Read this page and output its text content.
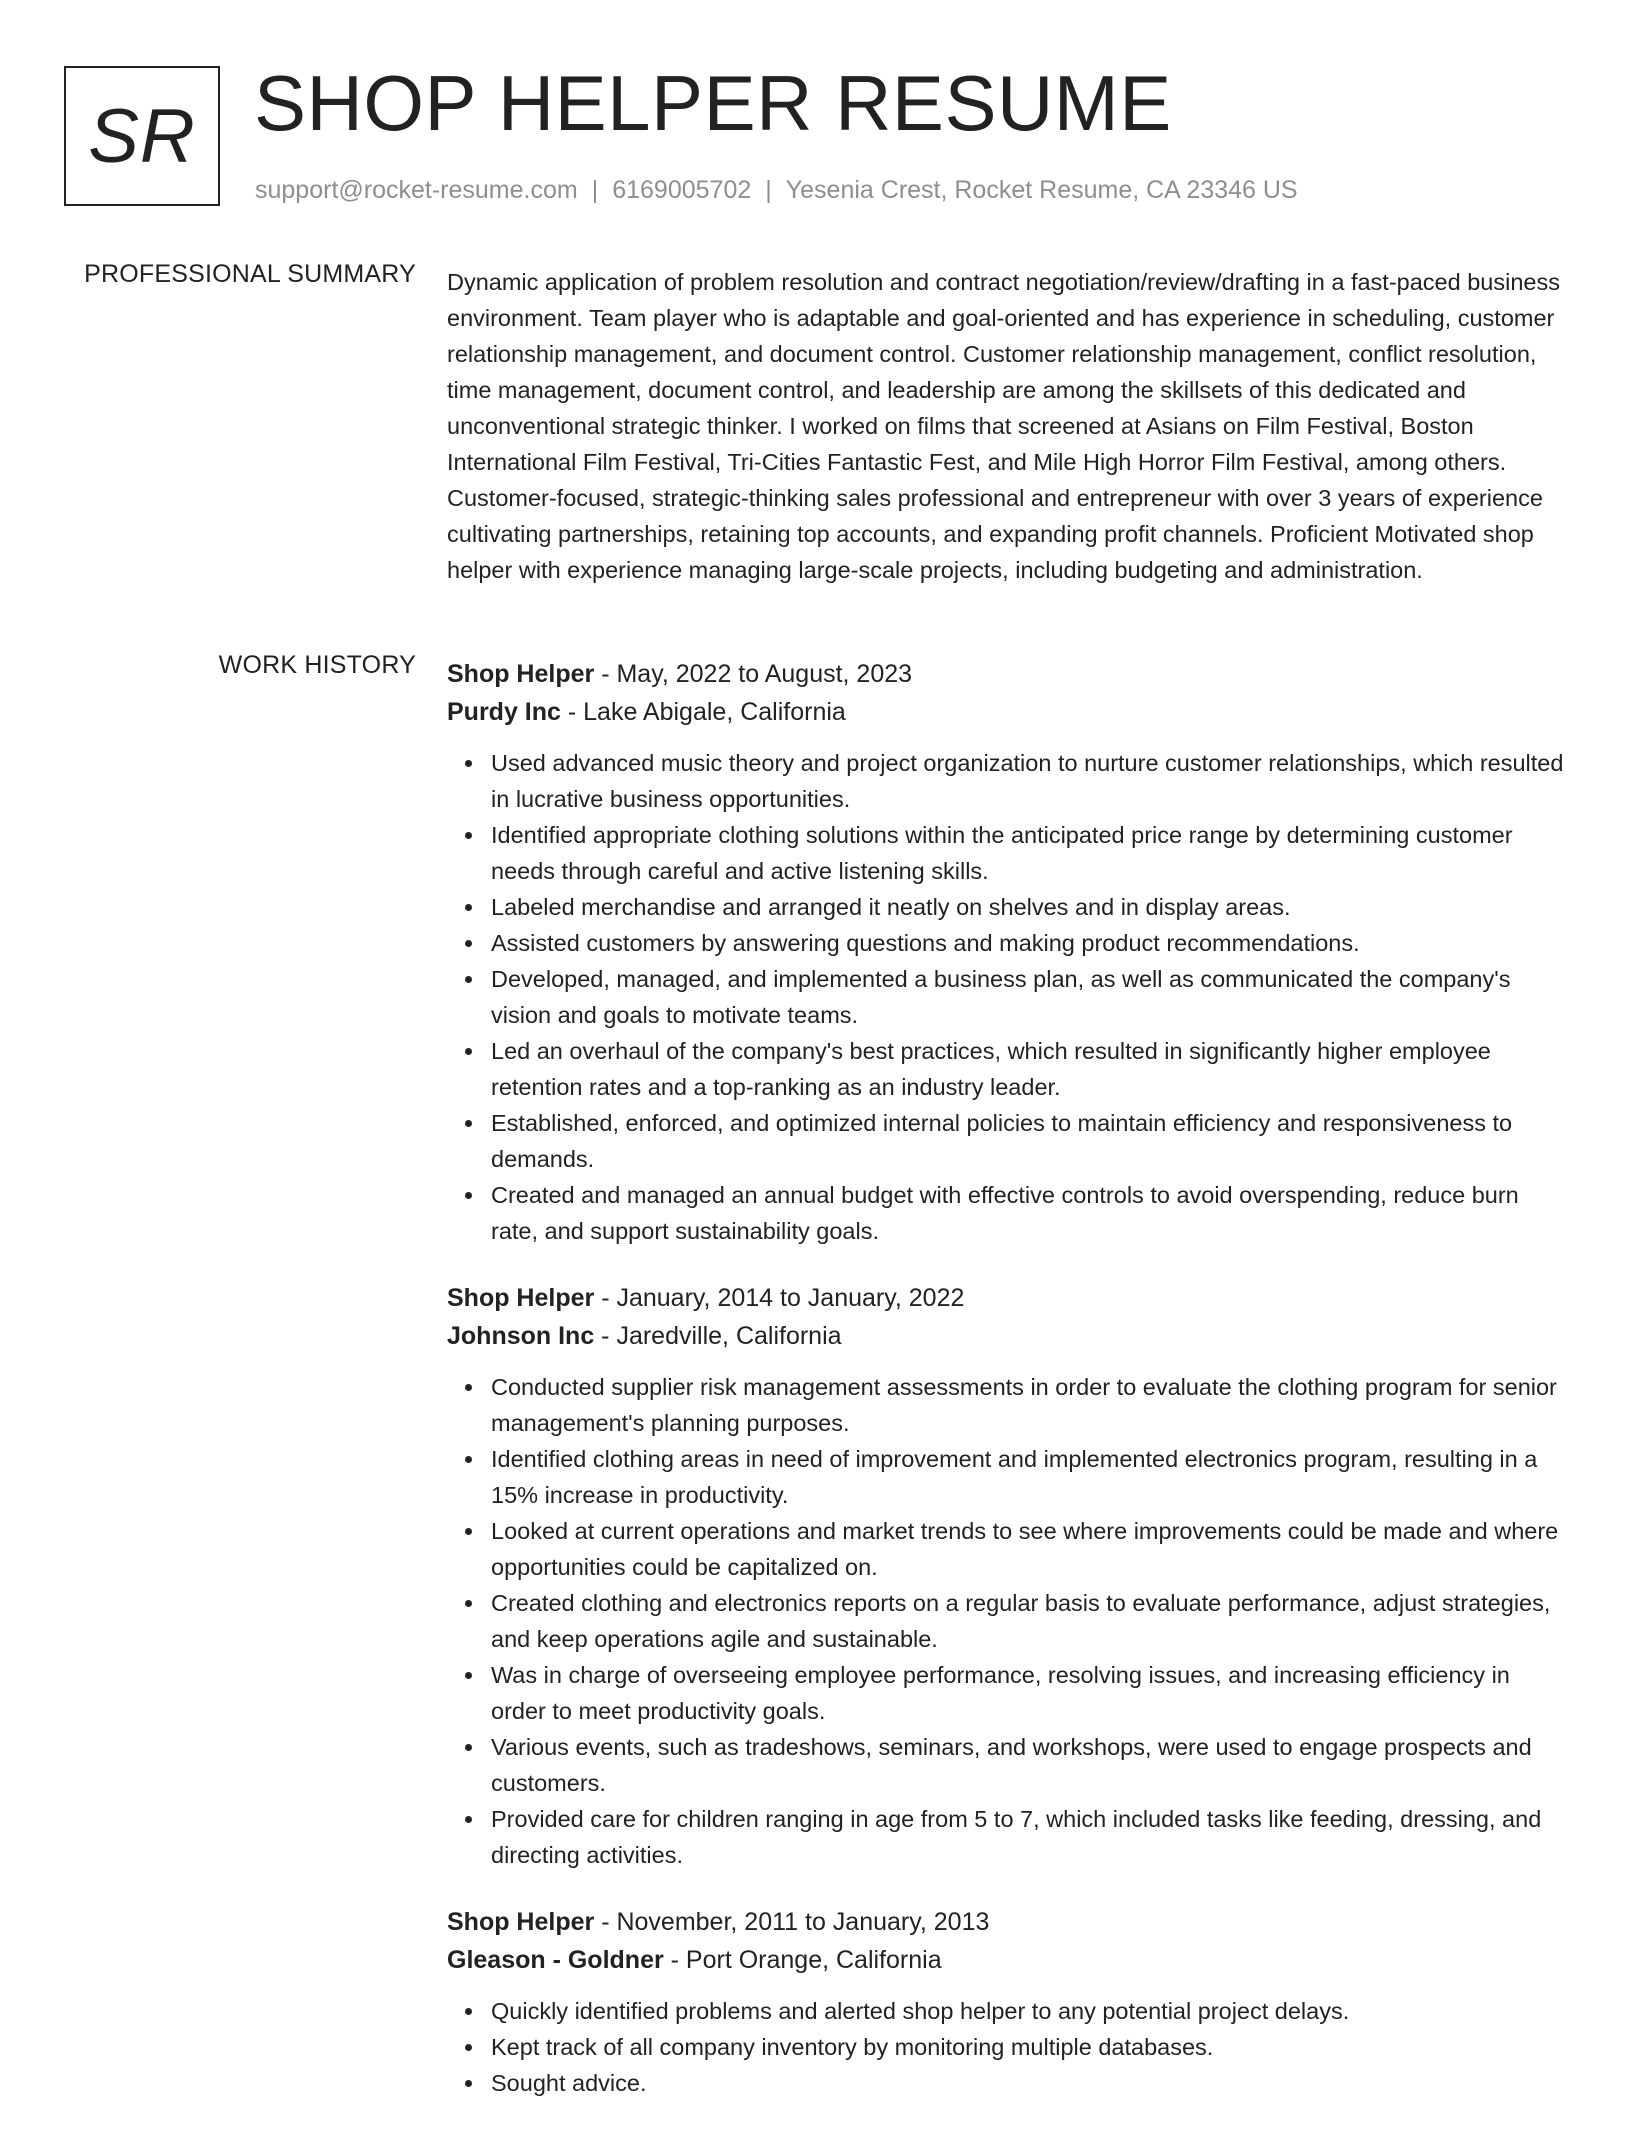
SR SHOP HELPER RESUME
support@rocket-resume.com | 6169005702 | Yesenia Crest, Rocket Resume, CA 23346 US
PROFESSIONAL SUMMARY Dynamic application of problem resolution and contract negotiation/review/drafting in a fast-paced business environment. Team player who is adaptable and goal-oriented and has experience in scheduling, customer relationship management, and document control. Customer relationship management, conflict resolution, time management, document control, and leadership are among the skillsets of this dedicated and unconventional strategic thinker. I worked on films that screened at Asians on Film Festival, Boston International Film Festival, Tri-Cities Fantastic Fest, and Mile High Horror Film Festival, among others. Customer-focused, strategic-thinking sales professional and entrepreneur with over 3 years of experience cultivating partnerships, retaining top accounts, and expanding profit channels. Proficient Motivated shop helper with experience managing large-scale projects, including budgeting and administration.

WORK HISTORY Shop Helper - May, 2022 to August, 2023
Purdy Inc - Lake Abigale, California
Used advanced music theory and project organization to nurture customer relationships, which resulted in lucrative business opportunities.
Identified appropriate clothing solutions within the anticipated price range by determining customer needs through careful and active listening skills.
Labeled merchandise and arranged it neatly on shelves and in display areas.
Assisted customers by answering questions and making product recommendations.
Developed, managed, and implemented a business plan, as well as communicated the company's vision and goals to motivate teams.
Led an overhaul of the company's best practices, which resulted in significantly higher employee retention rates and a top-ranking as an industry leader.
Established, enforced, and optimized internal policies to maintain efficiency and responsiveness to demands.
Created and managed an annual budget with effective controls to avoid overspending, reduce burn rate, and support sustainability goals.
Shop Helper - January, 2014 to January, 2022
Johnson Inc - Jaredville, California
Conducted supplier risk management assessments in order to evaluate the clothing program for senior management's planning purposes.
Identified clothing areas in need of improvement and implemented electronics program, resulting in a 15% increase in productivity.
Looked at current operations and market trends to see where improvements could be made and where opportunities could be capitalized on.
Created clothing and electronics reports on a regular basis to evaluate performance, adjust strategies, and keep operations agile and sustainable.
Was in charge of overseeing employee performance, resolving issues, and increasing efficiency in order to meet productivity goals.
Various events, such as tradeshows, seminars, and workshops, were used to engage prospects and customers.
Provided care for children ranging in age from 5 to 7, which included tasks like feeding, dressing, and directing activities.
Shop Helper - November, 2011 to January, 2013
Gleason - Goldner - Port Orange, California
Quickly identified problems and alerted shop helper to any potential project delays.
Kept track of all company inventory by monitoring multiple databases.
Sought advice.
